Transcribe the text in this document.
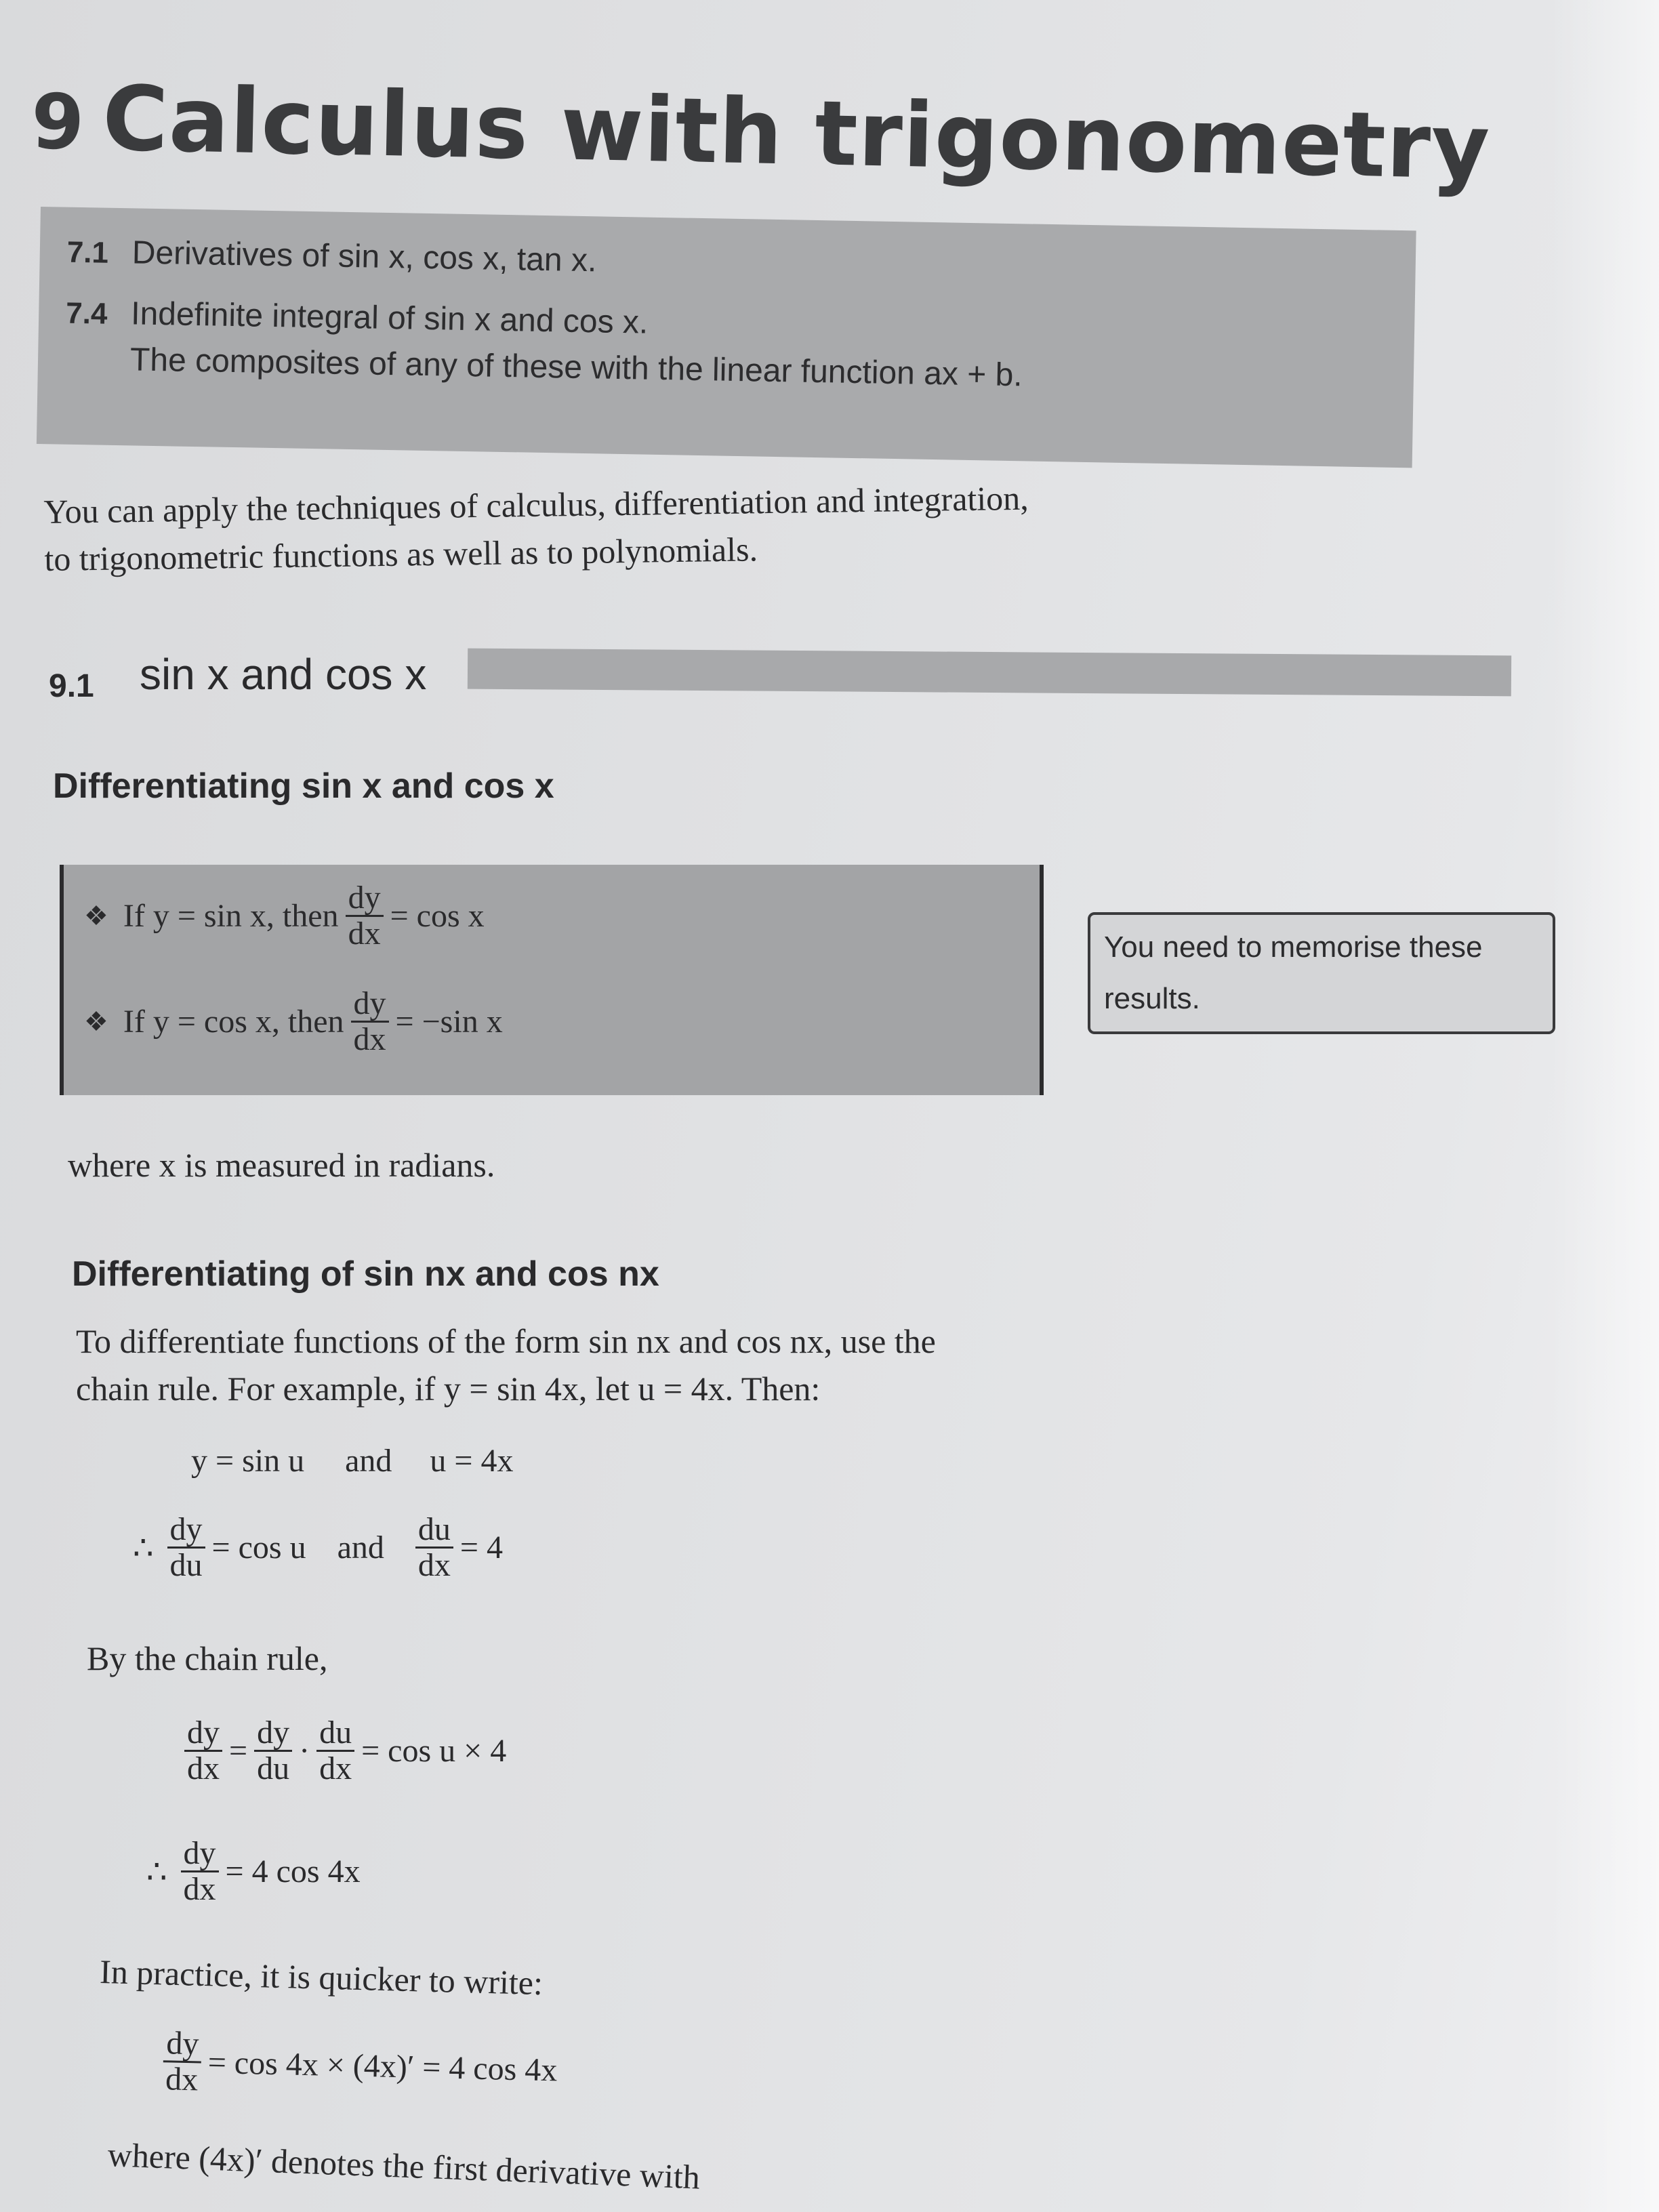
9 Calculus with trigonometry
7.1 Derivatives of sin x, cos x, tan x.
7.4 Indefinite integral of sin x and cos x.
The composites of any of these with the linear function ax + b.
You can apply the techniques of calculus, differentiation and integration, to trigonometric functions as well as to polynomials.
9.1 sin x and cos x
Differentiating sin x and cos x
❖ If y = sin x, then $\frac{dy}{dx} = \cos x$
❖ If y = cos x, then $\frac{dy}{dx} = -\sin$ x
You need to memorise these results.
where x is measured in radians.
Differentiating of sin nx and cos nx
To differentiate functions of the form sin nx and cos nx, use the
chain rule. For example, if y = sin 4x, let u = 4x. Then:
y = sin u and u = 4x
∴ $\frac{dy}{du} = \cos u$ and $\frac{du}{dx} = 4$
By the chain rule,
$\frac{dy}{dx} = \frac{dy}{du} \cdot \frac{du}{dx} = \cos u \times 4$
∴ $\frac{dy}{dx} = 4$ cos 4x
In practice, it is quicker to write:
$\frac{dy}{dx} = \cos 4x \times (4x)' = 4$ cos 4x
where (4x)′ denotes the first derivative with
